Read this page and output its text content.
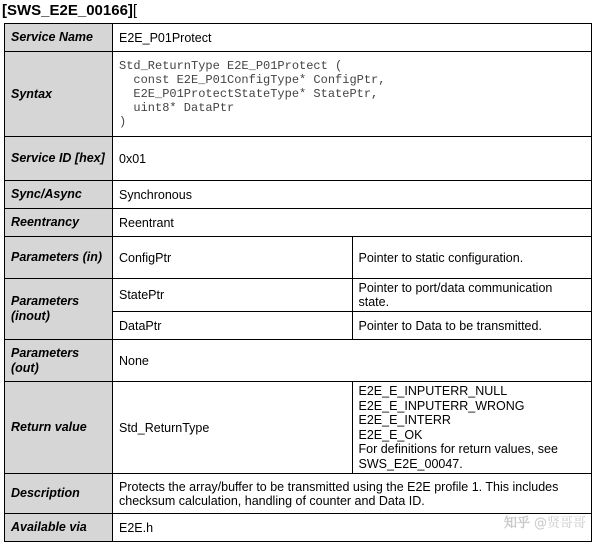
[SWS_E2E_00166][
Service Name	E2E_P01Protect	
Syntax	Std_ReturnType E2E_P01Protect (
const E2E_P01ConfigType* ConfigPtr,
E2E_P01ProtectStateType* StatePtr,
uint8* DataPtr
)	

Service ID [hex]	0x01	
Sync/Async	Synchronous	
Reentrancy	Reentrant	
Parameters (in)	ConfigPtr	Pointer to static configuration.
Parameters (inout)	StatePtr	Pointer to port/data communication state.
	DataPtr	Pointer to Data to be transmitted.
Parameters (out)	None	
Return value	Std_ReturnType	E2E_E_INPUTERR_NULL
E2E_E_INPUTERR_WRONG
E2E_E_INTERR
E2E_E_OK
For definitions for return values, see SWS_E2E_00047.

Description	Protects the array/buffer to be transmitted using the E2E profile 1. This includes checksum calculation, handling of counter and Data ID.	
Available via	E2E.h		知乎 @贤哥哥
